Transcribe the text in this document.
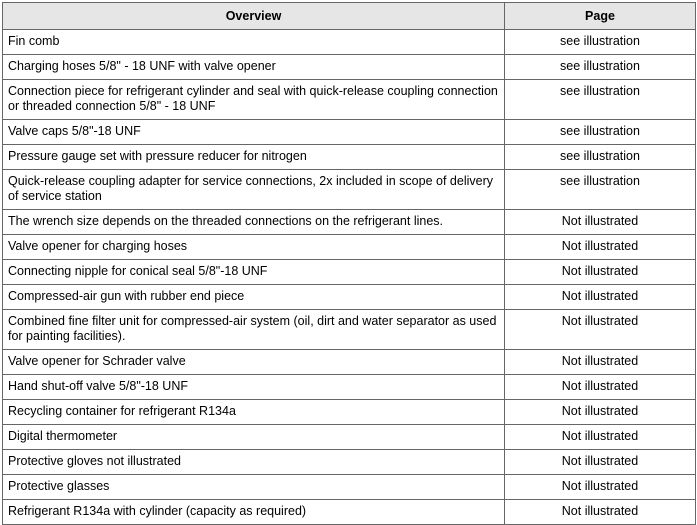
Overview	Page
Fin comb	see illustration
Charging hoses 5/8" - 18 UNF with valve opener	see illustration
Connection piece for refrigerant cylinder and seal with quick-release coupling connection or threaded connection 5/8" - 18 UNF	see illustration
Valve caps 5/8"-18 UNF	see illustration
Pressure gauge set with pressure reducer for nitrogen	see illustration
Quick-release coupling adapter for service connections, 2x included in scope of delivery of service station	see illustration
The wrench size depends on the threaded connections on the refrigerant lines.	Not illustrated
Valve opener for charging hoses	Not illustrated
Connecting nipple for conical seal 5/8"-18 UNF	Not illustrated
Compressed-air gun with rubber end piece	Not illustrated
Combined fine filter unit for compressed-air system (oil, dirt and water separator as used for painting facilities).	Not illustrated
Valve opener for Schrader valve	Not illustrated
Hand shut-off valve 5/8"-18 UNF	Not illustrated
Recycling container for refrigerant R134a	Not illustrated
Digital thermometer	Not illustrated
Protective gloves not illustrated	Not illustrated
Protective glasses	Not illustrated
Refrigerant R134a with cylinder (capacity as required)	Not illustrated
